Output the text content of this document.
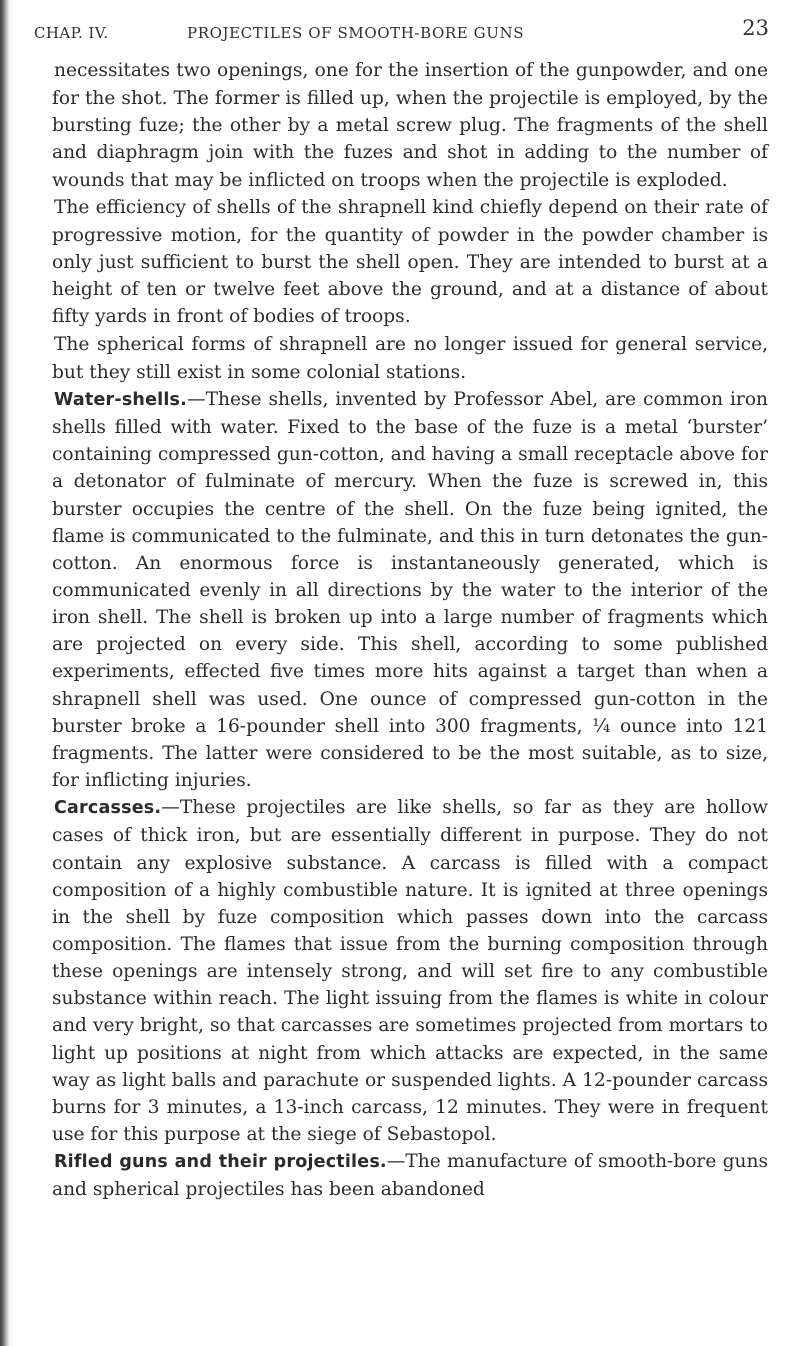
CHAP. IV.	PROJECTILES OF SMOOTH-BORE GUNS	23

necessitates two openings, one for the insertion of the gunpowder, and one for the shot. The former is filled up, when the projectile is employed, by the bursting fuze; the other by a metal screw plug. The fragments of the shell and diaphragm join with the fuzes and shot in adding to the number of wounds that may be inflicted on troops when the projectile is exploded.

The efficiency of shells of the shrapnell kind chiefly depend on their rate of progressive motion, for the quantity of powder in the powder chamber is only just sufficient to burst the shell open. They are intended to burst at a height of ten or twelve feet above the ground, and at a distance of about fifty yards in front of bodies of troops.

The spherical forms of shrapnell are no longer issued for general service, but they still exist in some colonial stations.

Water-shells.—These shells, invented by Professor Abel, are common iron shells filled with water. Fixed to the base of the fuze is a metal ‘burster’ containing compressed gun-cotton, and having a small receptacle above for a detonator of fulminate of mercury. When the fuze is screwed in, this burster occupies the centre of the shell. On the fuze being ignited, the flame is communicated to the fulminate, and this in turn detonates the gun-cotton. An enormous force is instantaneously generated, which is communicated evenly in all directions by the water to the interior of the iron shell. The shell is broken up into a large number of fragments which are projected on every side. This shell, according to some published experiments, effected five times more hits against a target than when a shrapnell shell was used. One ounce of compressed gun-cotton in the burster broke a 16-pounder shell into 300 fragments, ¼ ounce into 121 fragments. The latter were considered to be the most suitable, as to size, for inflicting injuries.

Carcasses.—These projectiles are like shells, so far as they are hollow cases of thick iron, but are essentially different in purpose. They do not contain any explosive substance. A carcass is filled with a compact composition of a highly combustible nature. It is ignited at three openings in the shell by fuze composition which passes down into the carcass composition. The flames that issue from the burning composition through these openings are intensely strong, and will set fire to any combustible substance within reach. The light issuing from the flames is white in colour and very bright, so that carcasses are sometimes projected from mortars to light up positions at night from which attacks are expected, in the same way as light balls and parachute or suspended lights. A 12-pounder carcass burns for 3 minutes, a 13-inch carcass, 12 minutes. They were in frequent use for this purpose at the siege of Sebastopol.

Rifled guns and their projectiles.—The manufacture of smooth-bore guns and spherical projectiles has been abandoned
